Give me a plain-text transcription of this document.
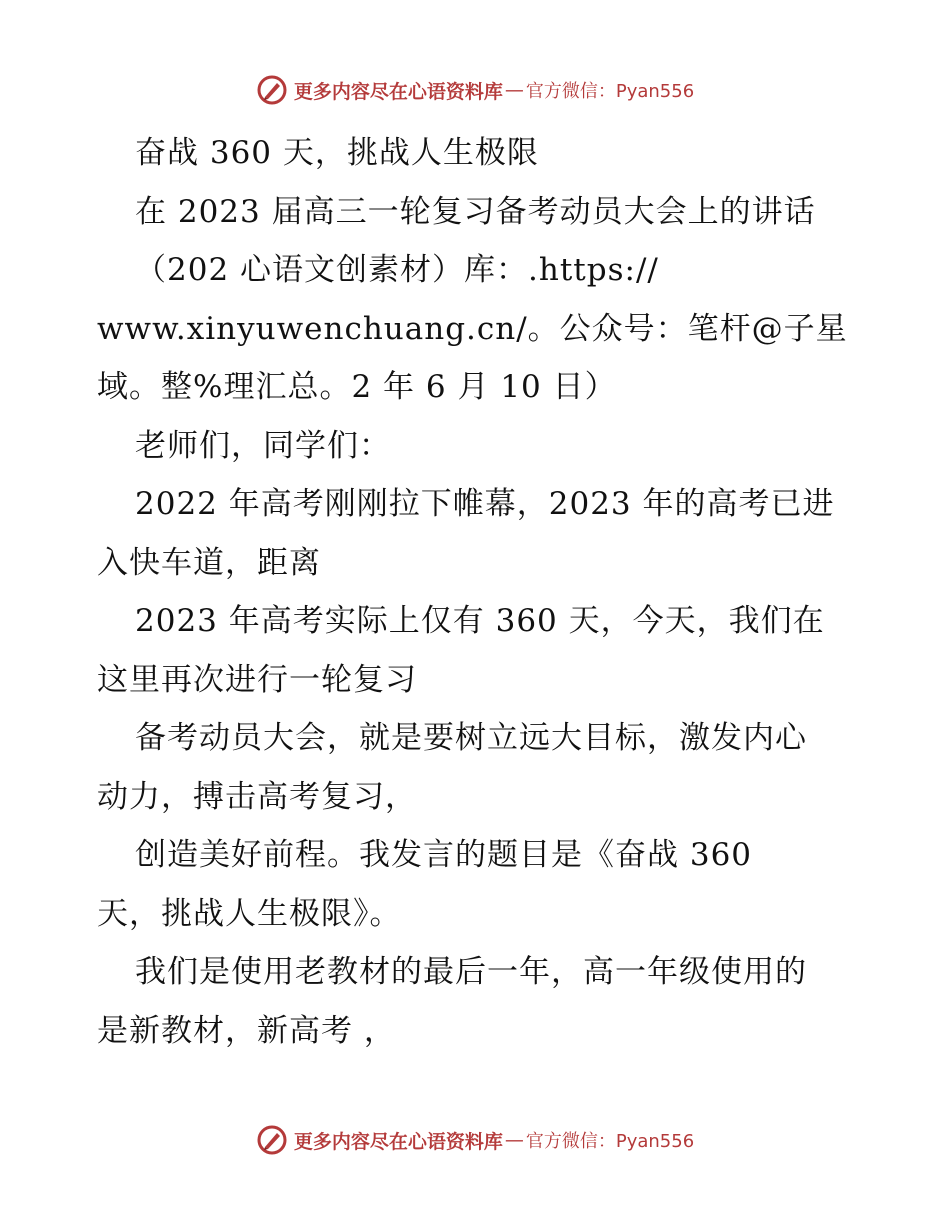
更多内容尽在心语资料库 — 官方微信：Pyan556
奋战 360 天，挑战人生极限
在 2023 届高三一轮复习备考动员大会上的讲话
（202 心语文创素材）库：.https://
www.xinyuwenchuang.cn/。公众号：笔杆@子星
域。整%理汇总。2 年 6 月 10 日）
老师们，同学们：
2022 年高考刚刚拉下帷幕，2023 年的高考已进
入快车道，距离
2023 年高考实际上仅有 360 天，今天，我们在
这里再次进行一轮复习
备考动员大会，就是要树立远大目标，激发内心
动力，搏击高考复习，
创造美好前程。我发言的题目是《奋战 360
天，挑战人生极限》。
我们是使用老教材的最后一年，高一年级使用的
是新教材，新高考 ，
更多内容尽在心语资料库 — 官方微信：Pyan556
